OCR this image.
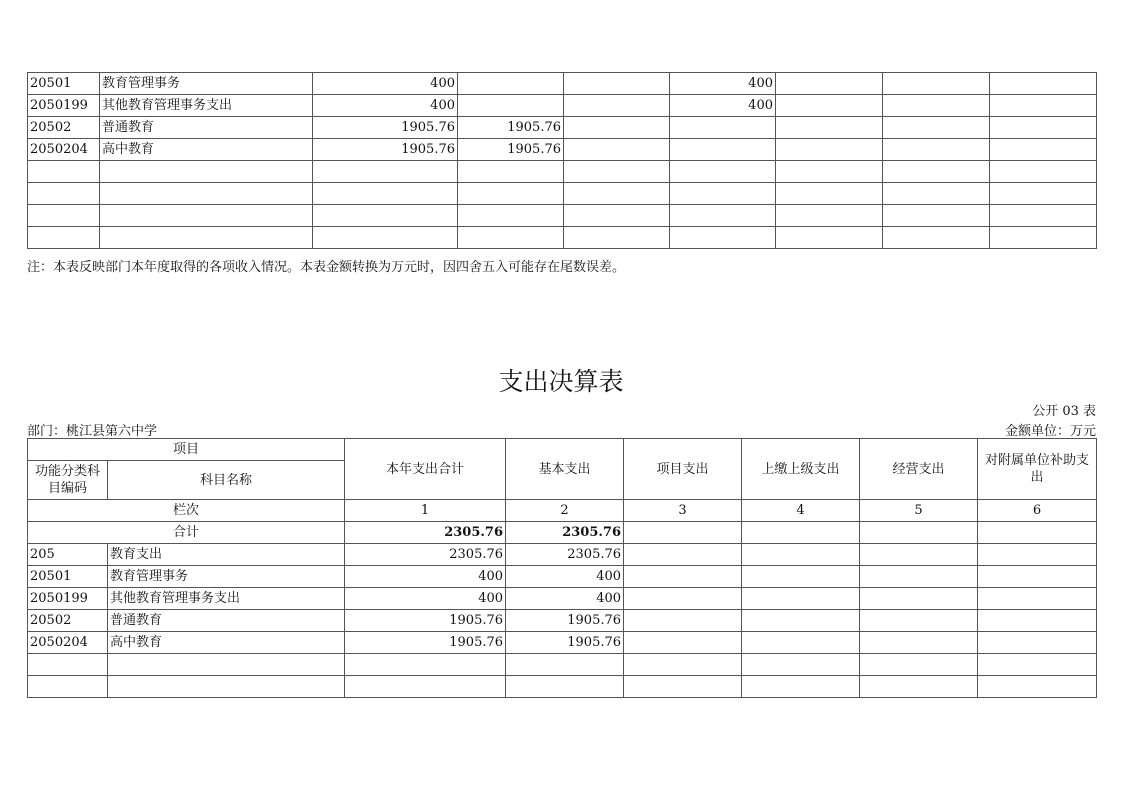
20501	教育管理事务	400			400			
2050199	其他教育管理事务支出	400			400			
20502	普通教育	1905.76	1905.76					
2050204	高中教育	1905.76	1905.76					

注：本表反映部门本年度取得的各项收入情况。本表金额转换为万元时，因四舍五入可能存在尾数误差。
支出决算表
公开 03 表
部门：桃江县第六中学	金额单位：万元
项目		本年支出合计	基本支出	项目支出	上缴上级支出	经营支出	对附属单位补助支出
功能分类科目编码	科目名称						
栏次		1	2	3	4	5	6
合计		2305.76	2305.76				
205	教育支出	2305.76	2305.76				
20501	教育管理事务	400	400				
2050199	其他教育管理事务支出	400	400				
20502	普通教育	1905.76	1905.76				
2050204	高中教育	1905.76	1905.76				
